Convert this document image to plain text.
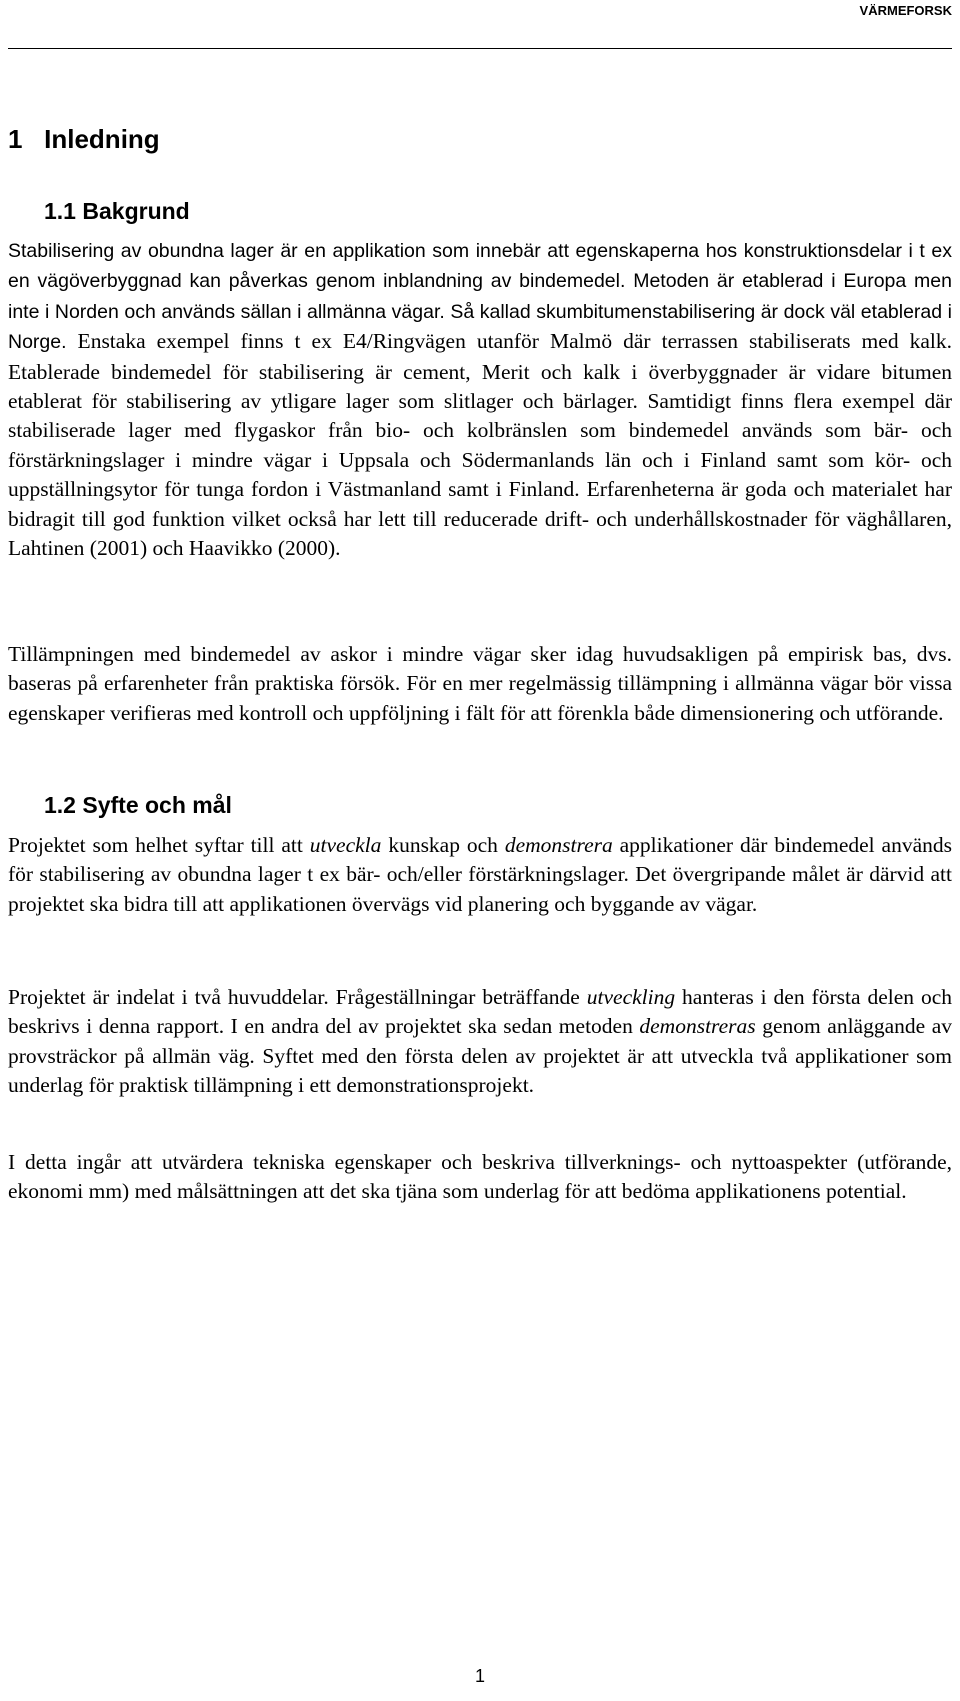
VÄRMEFORSK
1 Inledning
1.1 Bakgrund

Stabilisering av obundna lager är en applikation som innebär att egenskaperna hos konstruktionsdelar i t ex en vägöverbyggnad kan påverkas genom inblandning av bindemedel. Metoden är etablerad i Europa men inte i Norden och används sällan i allmänna vägar. Så kallad skumbitumenstabilisering är dock väl etablerad i Norge. Enstaka exempel finns t ex E4/Ringvägen utanför Malmö där terrassen stabiliserats med kalk. Etablerade bindemedel för stabilisering är cement, Merit och kalk i överbyggnader är vidare bitumen etablerat för stabilisering av ytligare lager som slitlager och bärlager. Samtidigt finns flera exempel där stabiliserade lager med flygaskor från bio- och kolbränslen som bindemedel används som bär- och förstärkningslager i mindre vägar i Uppsala och Södermanlands län och i Finland samt som kör- och uppställningsytor för tunga fordon i Västmanland samt i Finland. Erfarenheterna är goda och materialet har bidragit till god funktion vilket också har lett till reducerade drift- och underhållskostnader för väghållaren, Lahtinen (2001) och Haavikko (2000).

Tillämpningen med bindemedel av askor i mindre vägar sker idag huvudsakligen på empirisk bas, dvs. baseras på erfarenheter från praktiska försök. För en mer regelmässig tillämpning i allmänna vägar bör vissa egenskaper verifieras med kontroll och uppföljning i fält för att förenkla både dimensionering och utförande.

1.2 Syfte och mål

Projektet som helhet syftar till att utveckla kunskap och demonstrera applikationer där bindemedel används för stabilisering av obundna lager t ex bär- och/eller förstärkningslager. Det övergripande målet är därvid att projektet ska bidra till att applikationen övervägs vid planering och byggande av vägar.

Projektet är indelat i två huvuddelar. Frågeställningar beträffande utveckling hanteras i den första delen och beskrivs i denna rapport. I en andra del av projektet ska sedan metoden demonstreras genom anläggande av provsträckor på allmän väg. Syftet med den första delen av projektet är att utveckla två applikationer som underlag för praktisk tillämpning i ett demonstrationsprojekt.

I detta ingår att utvärdera tekniska egenskaper och beskriva tillverknings- och nyttoaspekter (utförande, ekonomi mm) med målsättningen att det ska tjäna som underlag för att bedöma applikationens potential.

1
